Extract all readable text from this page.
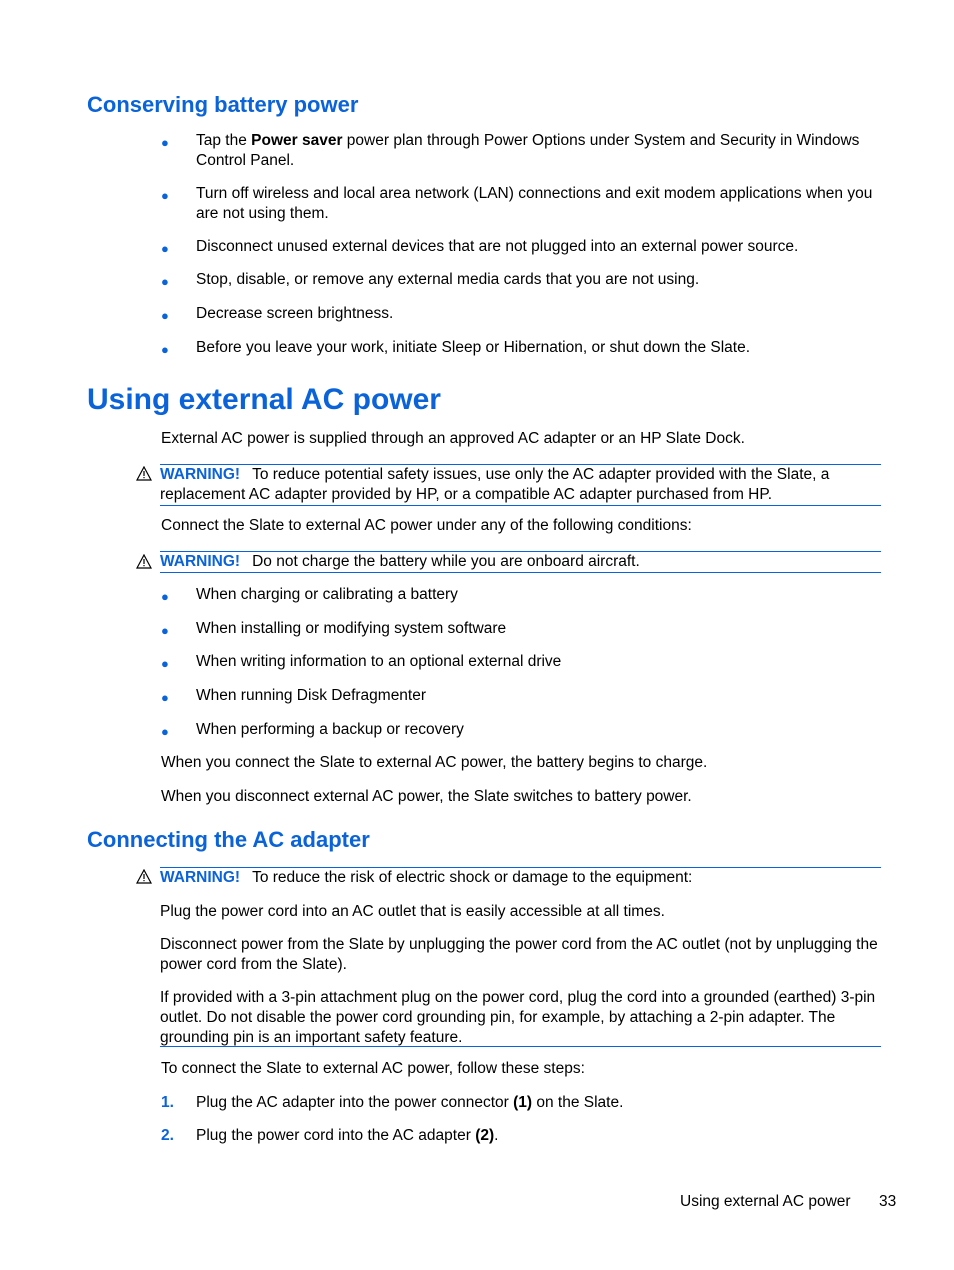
Conserving battery power
● Tap the Power saver power plan through Power Options under System and Security in Windows Control Panel.
● Turn off wireless and local area network (LAN) connections and exit modem applications when you are not using them.
● Disconnect unused external devices that are not plugged into an external power source.
● Stop, disable, or remove any external media cards that you are not using.
● Decrease screen brightness.
● Before you leave your work, initiate Sleep or Hibernation, or shut down the Slate.
Using external AC power
External AC power is supplied through an approved AC adapter or an HP Slate Dock.
WARNING! To reduce potential safety issues, use only the AC adapter provided with the Slate, a replacement AC adapter provided by HP, or a compatible AC adapter purchased from HP.
Connect the Slate to external AC power under any of the following conditions:
WARNING! Do not charge the battery while you are onboard aircraft.
● When charging or calibrating a battery
● When installing or modifying system software
● When writing information to an optional external drive
● When running Disk Defragmenter
● When performing a backup or recovery
When you connect the Slate to external AC power, the battery begins to charge.
When you disconnect external AC power, the Slate switches to battery power.
Connecting the AC adapter
WARNING! To reduce the risk of electric shock or damage to the equipment:
Plug the power cord into an AC outlet that is easily accessible at all times.
Disconnect power from the Slate by unplugging the power cord from the AC outlet (not by unplugging the power cord from the Slate).
If provided with a 3-pin attachment plug on the power cord, plug the cord into a grounded (earthed) 3-pin outlet. Do not disable the power cord grounding pin, for example, by attaching a 2-pin adapter. The grounding pin is an important safety feature.
To connect the Slate to external AC power, follow these steps:
1. Plug the AC adapter into the power connector (1) on the Slate.
2. Plug the power cord into the AC adapter (2).
Using external AC power 33
